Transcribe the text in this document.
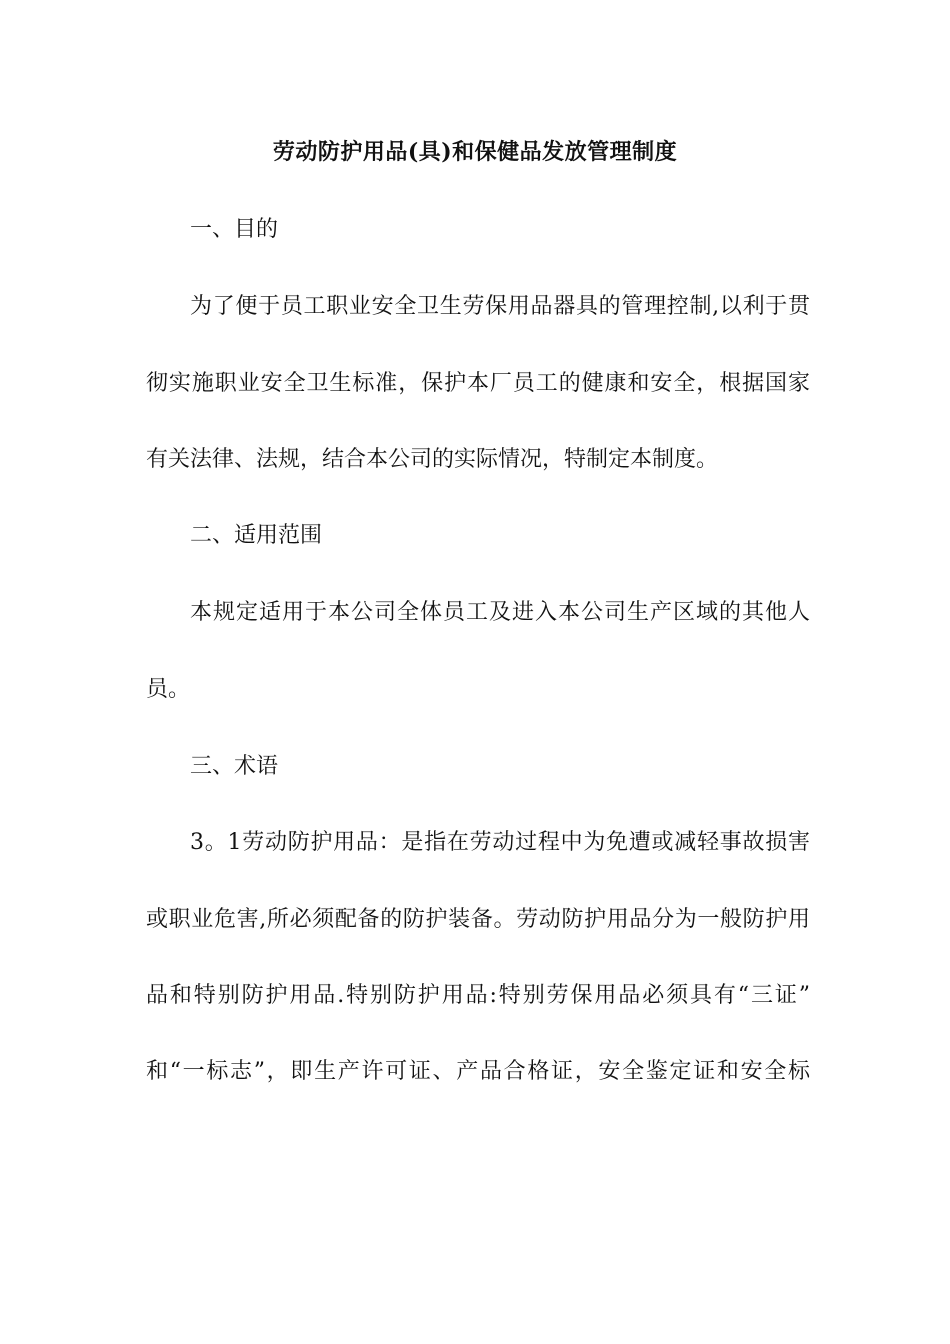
劳动防护用品(具)和保健品发放管理制度

一、目的

为了便于员工职业安全卫生劳保用品器具的管理控制,以利于贯

彻实施职业安全卫生标准，保护本厂员工的健康和安全，根据国家

有关法律、法规，结合本公司的实际情况，特制定本制度。

二、适用范围

本规定适用于本公司全体员工及进入本公司生产区域的其他人

员。

三、术语

3。1劳动防护用品：是指在劳动过程中为免遭或减轻事故损害

或职业危害,所必须配备的防护装备。劳动防护用品分为一般防护用

品和特别防护用品.特别防护用品:特别劳保用品必须具有“三证”

和“一标志”，即生产许可证、产品合格证，安全鉴定证和安全标
